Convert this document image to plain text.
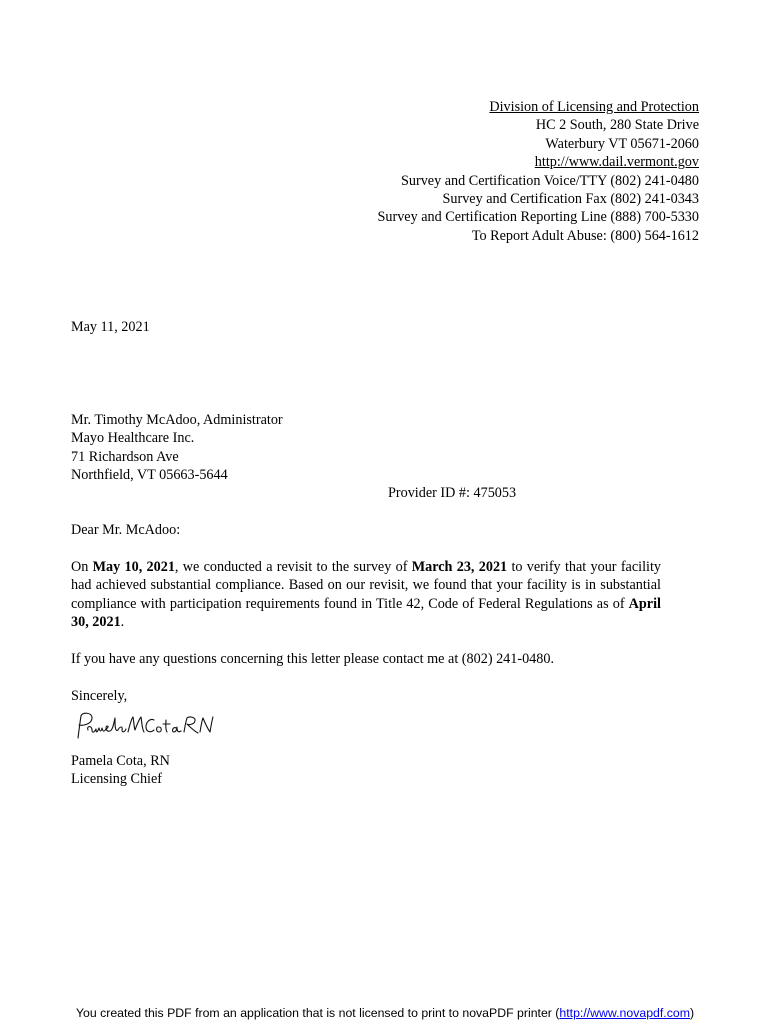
Division of Licensing and Protection
HC 2 South, 280 State Drive
Waterbury VT 05671-2060
http://www.dail.vermont.gov
Survey and Certification Voice/TTY (802) 241-0480
Survey and Certification Fax (802) 241-0343
Survey and Certification Reporting Line (888) 700-5330
To Report Adult Abuse: (800) 564-1612
May 11, 2021
Mr. Timothy McAdoo, Administrator
Mayo Healthcare Inc.
71 Richardson Ave
Northfield, VT 05663-5644
Provider ID #: 475053
Dear Mr. McAdoo:
On May 10, 2021, we conducted a revisit to the survey of March 23, 2021 to verify that your facility had achieved substantial compliance. Based on our revisit, we found that your facility is in substantial compliance with participation requirements found in Title 42, Code of Federal Regulations as of April 30, 2021.
If you have any questions concerning this letter please contact me at (802) 241-0480.
Sincerely,
Pamela Cota, RN
Licensing Chief
You created this PDF from an application that is not licensed to print to novaPDF printer (http://www.novapdf.com)
